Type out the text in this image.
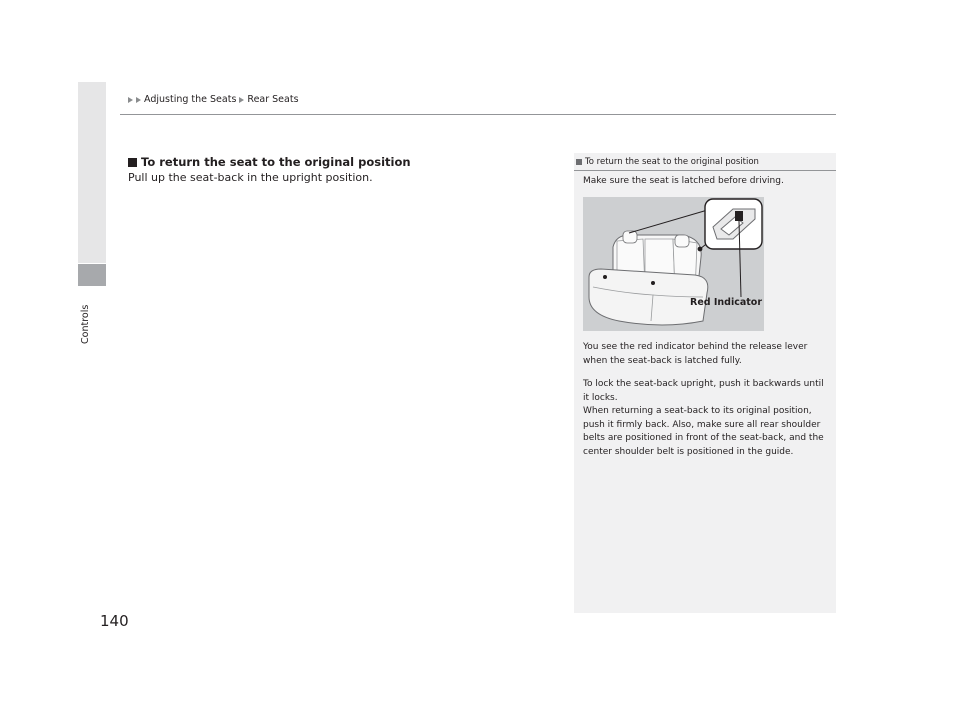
Controls
Adjusting the Seats Rear Seats
To return the seat to the original position
Pull up the seat-back in the upright position.
To return the seat to the original position
Make sure the seat is latched before driving.
Red Indicator
You see the red indicator behind the release lever
when the seat-back is latched fully.
To lock the seat-back upright, push it backwards until
it locks.
When returning a seat-back to its original position,
push it firmly back. Also, make sure all rear shoulder
belts are positioned in front of the seat-back, and the
center shoulder belt is positioned in the guide.
140
